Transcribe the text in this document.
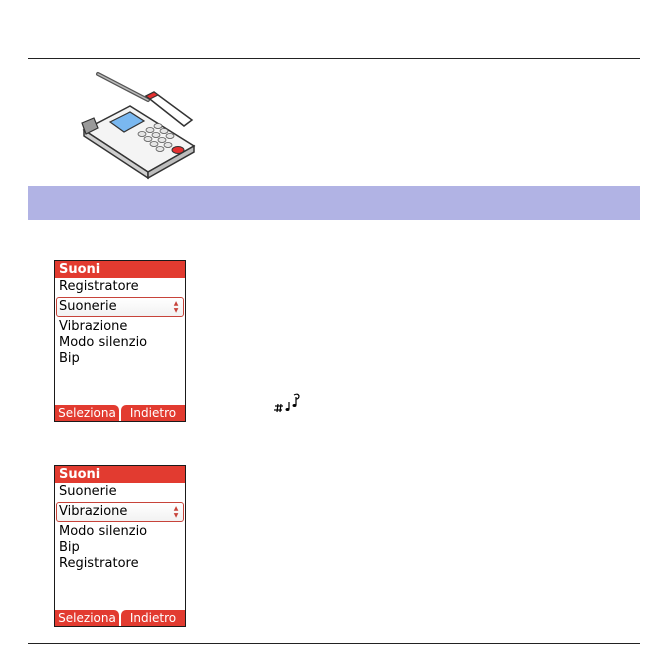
Suoni
Registratore
Suonerie	▲
▼
Vibrazione
Modo silenzio
Bip
Seleziona	Indietro
Suoni
Suonerie
Vibrazione	▲
▼
Modo silenzio
Bip
Registratore
Seleziona	Indietro
